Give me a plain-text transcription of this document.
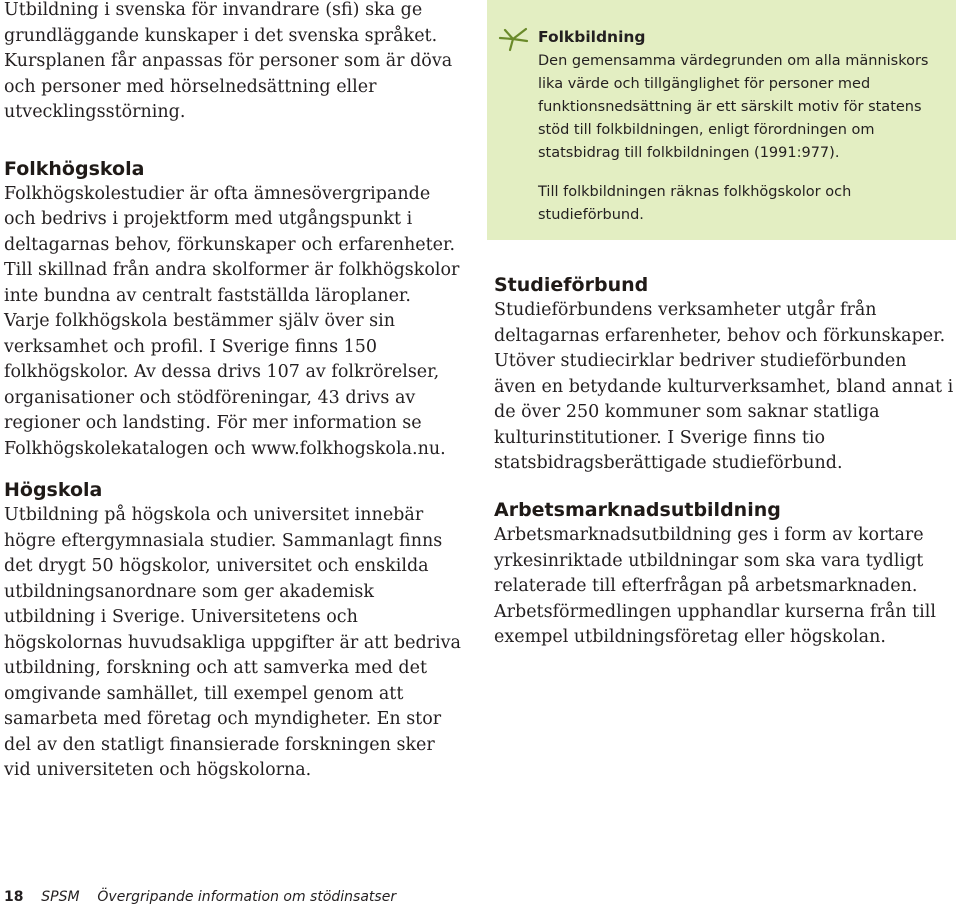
Utbildning i svenska för invandrare (sfi) ska ge grundläggande kunskaper i det svenska språket. Kursplanen får anpassas för personer som är döva och personer med hörselnedsättning eller utvecklingsstörning.

Folkhögskola

Folkhögskolestudier är ofta ämnesövergripande och bedrivs i projektform med utgångspunkt i deltagarnas behov, förkunskaper och erfarenheter. Till skillnad från andra skolformer är folkhögskolor inte bundna av centralt fastställda läroplaner. Varje folkhögskola bestämmer själv över sin verksamhet och profil. I Sverige finns 150 folkhögskolor. Av dessa drivs 107 av folkrörelser, organisationer och stödföreningar, 43 drivs av regioner och landsting. För mer information se Folkhögskolekatalogen och www.folkhogskola.nu.

Högskola

Utbildning på högskola och universitet innebär högre eftergymnasiala studier. Sammanlagt finns det drygt 50 högskolor, universitet och enskilda utbildningsanordnare som ger akademisk utbildning i Sverige. Universitetens och högskolornas huvudsakliga uppgifter är att bedriva utbildning, forskning och att samverka med det omgivande samhället, till exempel genom att samarbeta med företag och myndigheter. En stor del av den statligt finansierade forskningen sker vid universiteten och högskolorna.

Folkbildning

Den gemensamma värdegrunden om alla människors lika värde och tillgänglighet för personer med funktionsnedsättning är ett särskilt motiv för statens stöd till folkbildningen, enligt förordningen om statsbidrag till folkbildningen (1991:977).

Till folkbildningen räknas folkhögskolor och studieförbund.

Studieförbund

Studieförbundens verksamheter utgår från deltagarnas erfarenheter, behov och förkunskaper. Utöver studiecirklar bedriver studieförbunden även en betydande kulturverksamhet, bland annat i de över 250 kommuner som saknar statliga kulturinstitutioner. I Sverige finns tio statsbidragsberättigade studieförbund.

Arbetsmarknadsutbildning

Arbetsmarknadsutbildning ges i form av kortare yrkesinriktade utbildningar som ska vara tydligt relaterade till efterfrågan på arbetsmarknaden. Arbetsförmedlingen upphandlar kurserna från till exempel utbildningsföretag eller högskolan.

18 SPSM Övergripande information om stödinsatser
